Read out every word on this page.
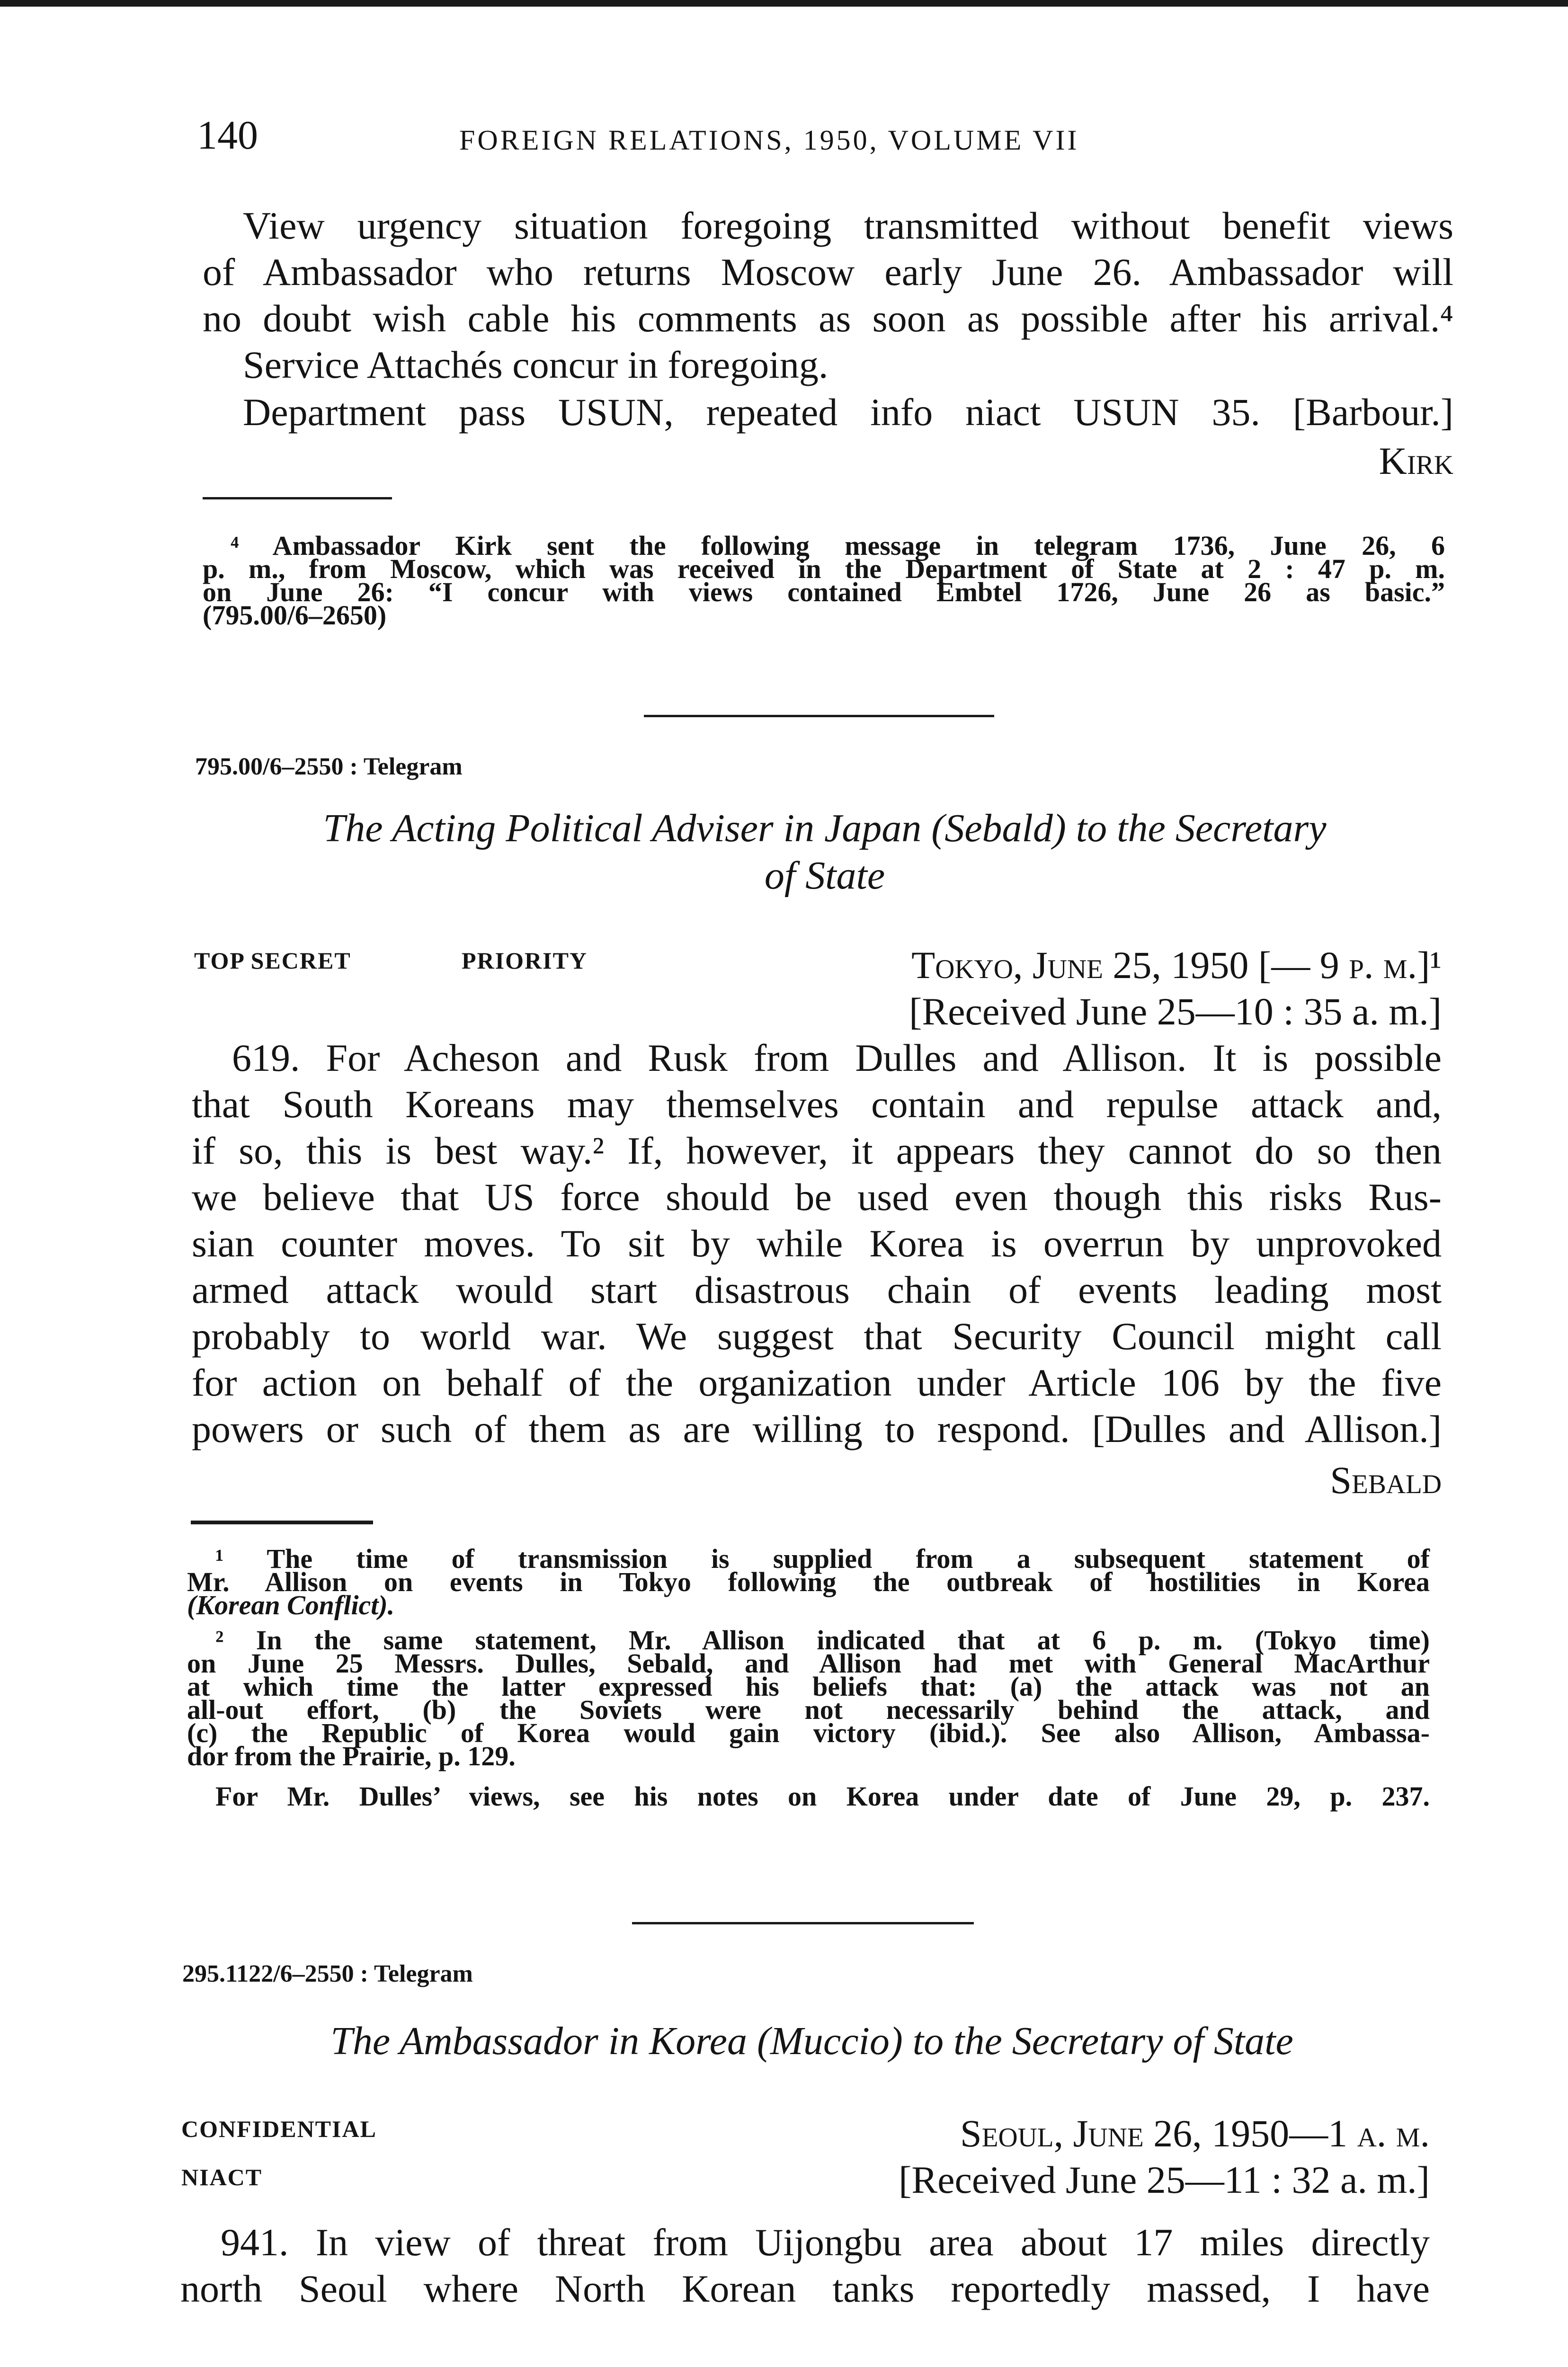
140	FOREIGN RELATIONS, 1950, VOLUME VII
View urgency situation foregoing transmitted without benefit views
of Ambassador who returns Moscow early June 26. Ambassador will
no doubt wish cable his comments as soon as possible after his arrival.⁴
Service Attachés concur in foregoing.
Department pass USUN, repeated info niact USUN 35. [Barbour.]
Kirk
⁴ Ambassador Kirk sent the following message in telegram 1736, June 26, 6
p. m., from Moscow, which was received in the Department of State at 2 : 47 p. m.
on June 26: “I concur with views contained Embtel 1726, June 26 as basic.”
(795.00/6–2650)
795.00/6–2550 : Telegram
The Acting Political Adviser in Japan (Sebald) to the Secretary
of State
TOP SECRET	PRIORITY	Tokyo, June 25, 1950 [— 9 p. m.]¹
[Received June 25—10 : 35 a. m.]
619. For Acheson and Rusk from Dulles and Allison. It is possible
that South Koreans may themselves contain and repulse attack and,
if so, this is best way.² If, however, it appears they cannot do so then
we believe that US force should be used even though this risks Rus-
sian counter moves. To sit by while Korea is overrun by unprovoked
armed attack would start disastrous chain of events leading most
probably to world war. We suggest that Security Council might call
for action on behalf of the organization under Article 106 by the five
powers or such of them as are willing to respond. [Dulles and Allison.]
Sebald
¹ The time of transmission is supplied from a subsequent statement of
Mr. Allison on events in Tokyo following the outbreak of hostilities in Korea
(Korean Conflict).
² In the same statement, Mr. Allison indicated that at 6 p. m. (Tokyo time)
on June 25 Messrs. Dulles, Sebald, and Allison had met with General MacArthur
at which time the latter expressed his beliefs that: (a) the attack was not an
all-out effort, (b) the Soviets were not necessarily behind the attack, and
(c) the Republic of Korea would gain victory (ibid.). See also Allison, Ambassa-
dor from the Prairie, p. 129.
For Mr. Dulles’ views, see his notes on Korea under date of June 29, p. 237.
295.1122/6–2550 : Telegram
The Ambassador in Korea (Muccio) to the Secretary of State
CONFIDENTIAL
NIACT
Seoul, June 26, 1950—1 a. m.
[Received June 25—11 : 32 a. m.]
941. In view of threat from Uijongbu area about 17 miles directly
north Seoul where North Korean tanks reportedly massed, I have
